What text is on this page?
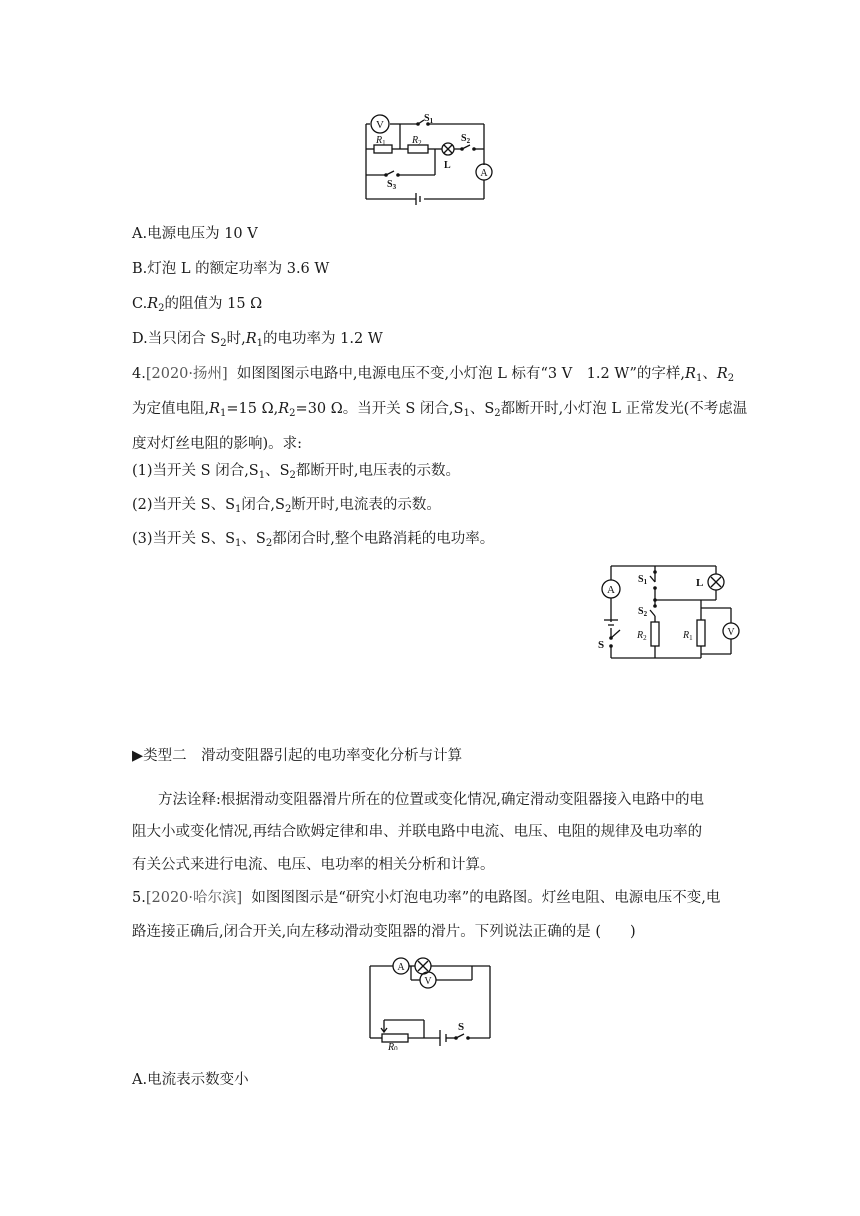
V
$S_1$
$R_1$	$R_2$	$S_2$
L
A
$S_3$
A.电源电压为 10 V
B.灯泡 L 的额定功率为 3.6 W
$C.R_2$的阻值为 15 Ω
D.当只闭合 $S_2$时$,R_1$的电功率为 1.2 W
4.[2020·扬州] 如图图图示电路中,电源电压不变,小灯泡 L 标有“3 V　1.2 W”的字样$,R_1$、$R_2$
为定值电阻$,R_1=15$ $\Omega,R_2=30$ Ω。当开关 S 闭合$,S_1$、$S_2$都断开时,小灯泡 L 正常发光(不考虑温
度对灯丝电阻的影响)。求:
(1)当开关 S 闭合$,S_1$、$S_2$都断开时,电压表的示数。
(2)当开关 S、$S_1$闭合$,S_2$断开时,电流表的示数。
(3)当开关 S、$S_1$、$S_2$都闭合时,整个电路消耗的电功率。
A
$S_1$	L
$S_2$
$R_2$	$R_1$	V
S
▶类型二　滑动变阻器引起的电功率变化分析与计算
方法诠释:根据滑动变阻器滑片所在的位置或变化情况,确定滑动变阻器接入电路中的电
阻大小或变化情况,再结合欧姆定律和串、并联电路中电流、电压、电阻的规律及电功率的
有关公式来进行电流、电压、电功率的相关分析和计算。
5.[2020·哈尔滨] 如图图图示是“研究小灯泡电功率”的电路图。灯丝电阻、电源电压不变,电
路连接正确后,闭合开关,向左移动滑动变阻器的滑片。下列说法正确的是 (　　)
A
V
S
R0
A.电流表示数变小
